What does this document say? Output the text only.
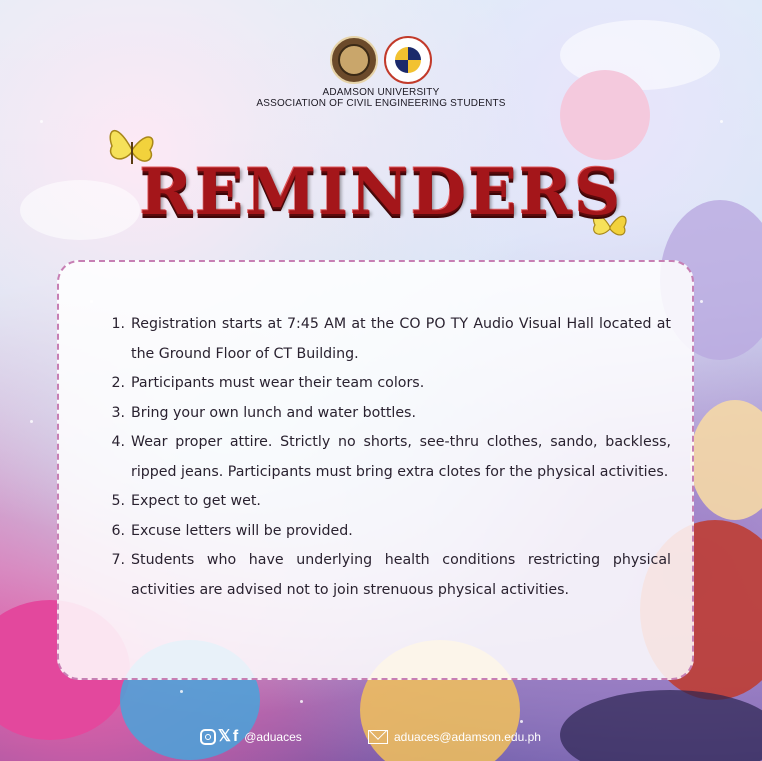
ADAMSON UNIVERSITY
ASSOCIATION OF CIVIL ENGINEERING STUDENTS
REMINDERS
1. Registration starts at 7:45 AM at the CO PO TY Audio Visual Hall located at the Ground Floor of CT Building.
2. Participants must wear their team colors.
3. Bring your own lunch and water bottles.
4. Wear proper attire. Strictly no shorts, see-thru clothes, sando, backless, ripped jeans. Participants must bring extra clotes for the physical activities.
5. Expect to get wet.
6. Excuse letters will be provided.
7. Students who have underlying health conditions restricting physical activities are advised not to join strenuous physical activities.
𝕏 f @aduaces	aduaces@adamson.edu.ph
